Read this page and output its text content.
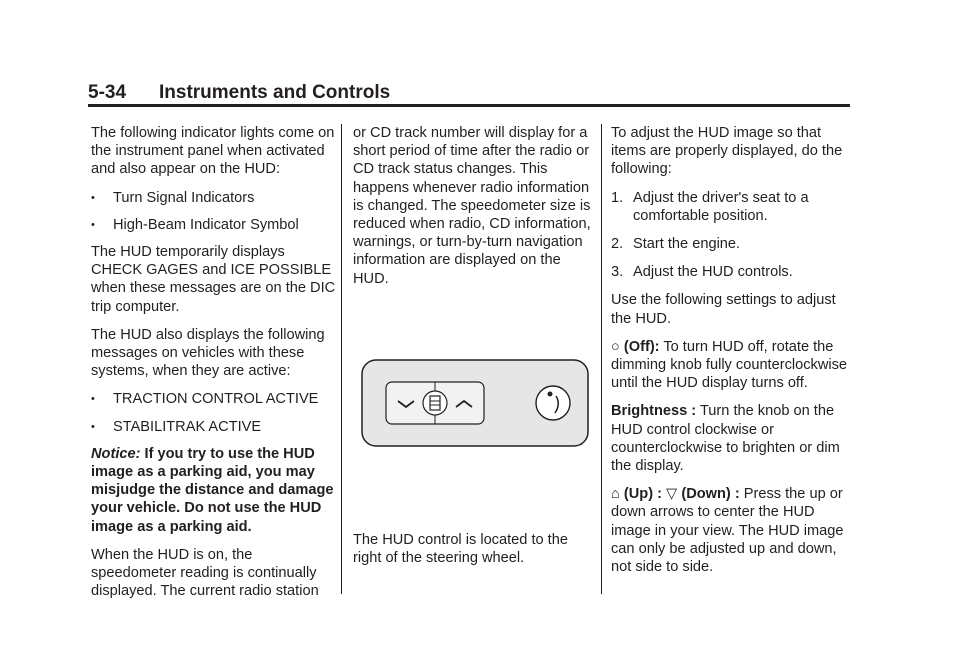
5-34 Instruments and Controls

The following indicator lights come on the instrument panel when activated and also appear on the HUD:

•	Turn Signal Indicators
•	High-Beam Indicator Symbol

The HUD temporarily displays CHECK GAGES and ICE POSSIBLE when these messages are on the DIC trip computer.

The HUD also displays the following messages on vehicles with these systems, when they are active:

•	TRACTION CONTROL ACTIVE
•	STABILITRAK ACTIVE

Notice: If you try to use the HUD image as a parking aid, you may misjudge the distance and damage your vehicle. Do not use the HUD image as a parking aid.

When the HUD is on, the speedometer reading is continually displayed. The current radio station

or CD track number will display for a short period of time after the radio or CD track status changes. This happens whenever radio information is changed. The speedometer size is reduced when radio, CD information, warnings, or turn-by-turn navigation information are displayed on the HUD.

The HUD control is located to the right of the steering wheel.

To adjust the HUD image so that items are properly displayed, do the following:

1. Adjust the driver's seat to a comfortable position.
2. Start the engine.
3. Adjust the HUD controls.

Use the following settings to adjust the HUD.

○ (Off): To turn HUD off, rotate the dimming knob fully counterclockwise until the HUD display turns off.

Brightness : Turn the knob on the HUD control clockwise or counterclockwise to brighten or dim the display.

⌂ (Up) : ▽ (Down) : Press the up or down arrows to center the HUD image in your view. The HUD image can only be adjusted up and down, not side to side.
